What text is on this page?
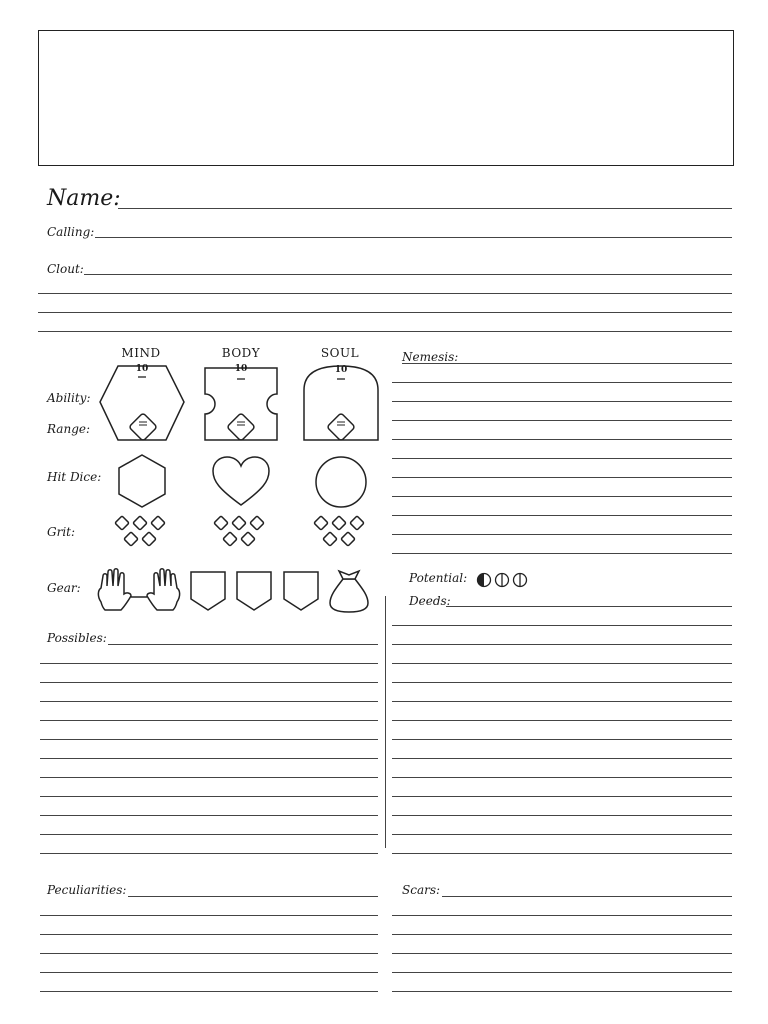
Name:
Calling:
Clout:
MIND	BODY	SOUL
Ability:
Range:
Hit Dice:
Grit:
Gear:
10	10	10
Nemesis:
Potential:
Deeds:
Possibles:
Peculiarities:	Scars:
